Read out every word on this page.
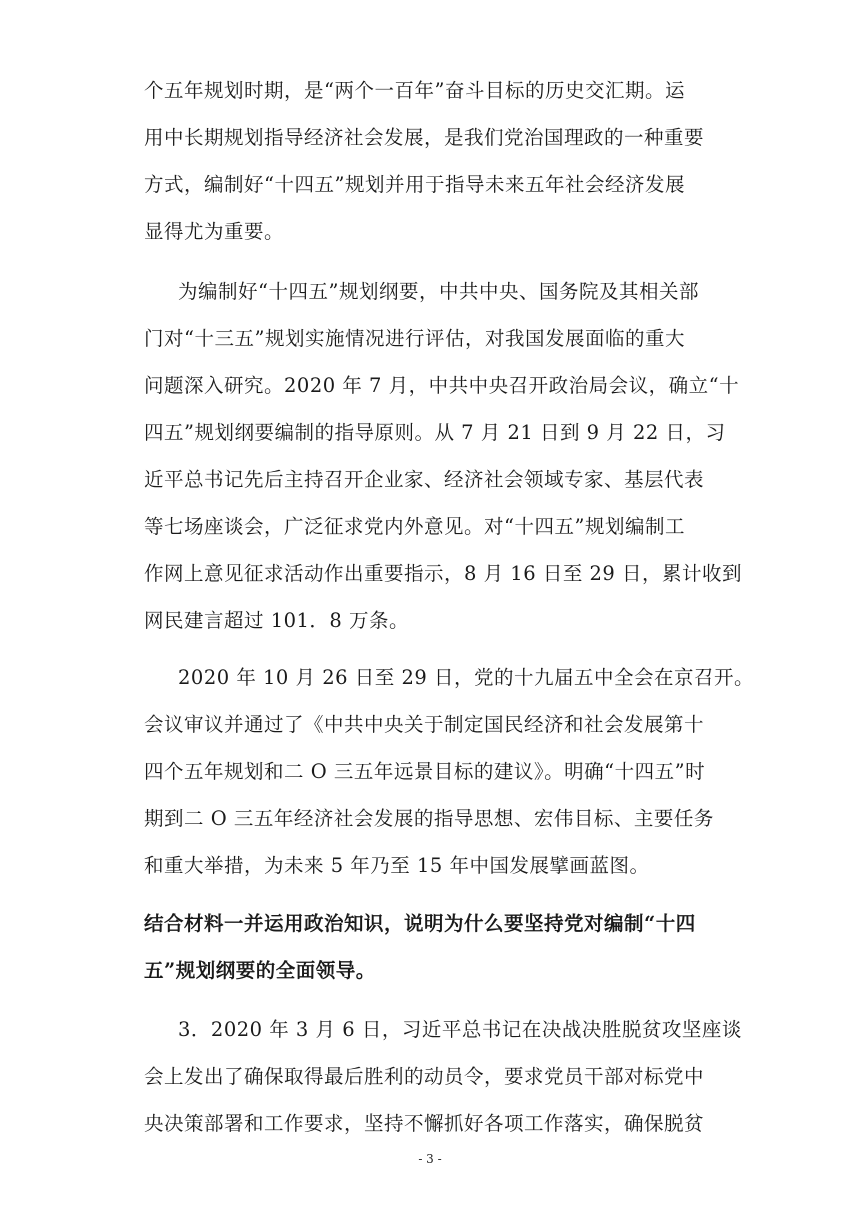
个五年规划时期，是“两个一百年”奋斗目标的历史交汇期。运
用中长期规划指导经济社会发展，是我们党治国理政的一种重要
方式，编制好“十四五”规划并用于指导未来五年社会经济发展
显得尤为重要。
为编制好“十四五”规划纲要，中共中央、国务院及其相关部
门对“十三五”规划实施情况进行评估，对我国发展面临的重大
问题深入研究。2020 年 7 月，中共中央召开政治局会议，确立“十
四五”规划纲要编制的指导原则。从 7 月 21 日到 9 月 22 日，习
近平总书记先后主持召开企业家、经济社会领域专家、基层代表
等七场座谈会，广泛征求党内外意见。对“十四五”规划编制工
作网上意见征求活动作出重要指示，8 月 16 日至 29 日，累计收到
网民建言超过 101．8 万条。
2020 年 10 月 26 日至 29 日，党的十九届五中全会在京召开。
会议审议并通过了《中共中央关于制定国民经济和社会发展第十
四个五年规划和二 O 三五年远景目标的建议》。明确“十四五”时
期到二 O 三五年经济社会发展的指导思想、宏伟目标、主要任务
和重大举措，为未来 5 年乃至 15 年中国发展擘画蓝图。
结合材料一并运用政治知识，说明为什么要坚持党对编制“十四
五”规划纲要的全面领导。
3．2020 年 3 月 6 日，习近平总书记在决战决胜脱贫攻坚座谈
会上发出了确保取得最后胜利的动员令，要求党员干部对标党中
央决策部署和工作要求，坚持不懈抓好各项工作落实，确保脱贫
- 3 -
